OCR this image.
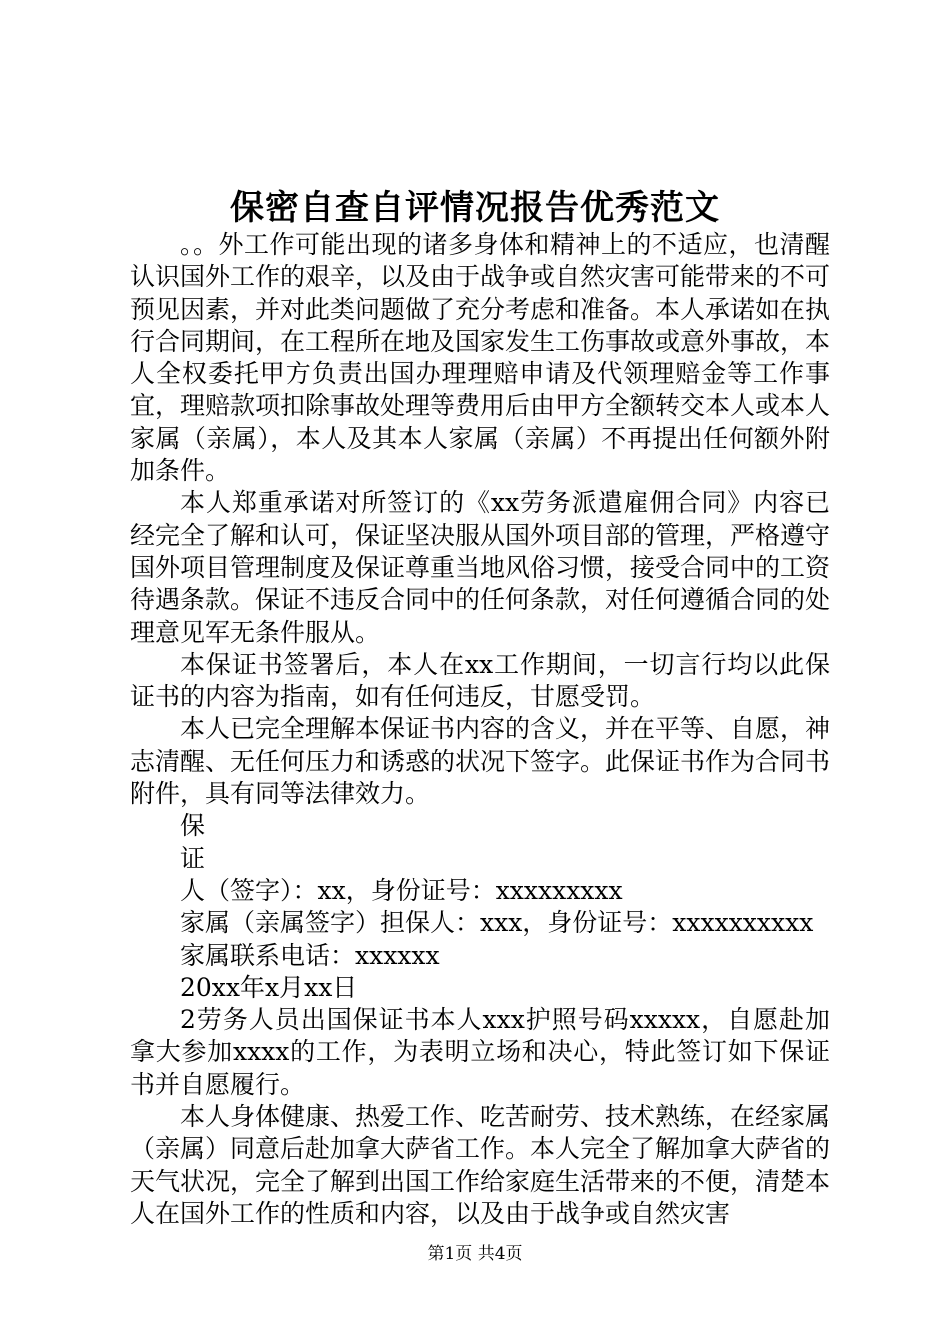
保密自查自评情况报告优秀范文

。。外工作可能出现的诸多身体和精神上的不适应，也清醒认识国外工作的艰辛，以及由于战争或自然灾害可能带来的不可预见因素，并对此类问题做了充分考虑和准备。本人承诺如在执行合同期间，在工程所在地及国家发生工伤事故或意外事故，本人全权委托甲方负责出国办理理赔申请及代领理赔金等工作事宜，理赔款项扣除事故处理等费用后由甲方全额转交本人或本人家属（亲属），本人及其本人家属（亲属）不再提出任何额外附加条件。

本人郑重承诺对所签订的《xx劳务派遣雇佣合同》内容已经完全了解和认可，保证坚决服从国外项目部的管理，严格遵守国外项目管理制度及保证尊重当地风俗习惯，接受合同中的工资待遇条款。保证不违反合同中的任何条款，对任何遵循合同的处理意见军无条件服从。

本保证书签署后，本人在xx工作期间，一切言行均以此保证书的内容为指南，如有任何违反，甘愿受罚。

本人已完全理解本保证书内容的含义，并在平等、自愿，神志清醒、无任何压力和诱惑的状况下签字。此保证书作为合同书附件，具有同等法律效力。

保

证

人（签字）：xx，身份证号：xxxxxxxxx

家属（亲属签字）担保人：xxx，身份证号：xxxxxxxxxx

家属联系电话：xxxxxx

20xx年x月xx日

2劳务人员出国保证书本人xxx护照号码xxxxx，自愿赴加拿大参加xxxx的工作，为表明立场和决心，特此签订如下保证书并自愿履行。

本人身体健康、热爱工作、吃苦耐劳、技术熟练，在经家属（亲属）同意后赴加拿大萨省工作。本人完全了解加拿大萨省的天气状况，完全了解到出国工作给家庭生活带来的不便，清楚本人在国外工作的性质和内容，以及由于战争或自然灾害

第1页 共4页
